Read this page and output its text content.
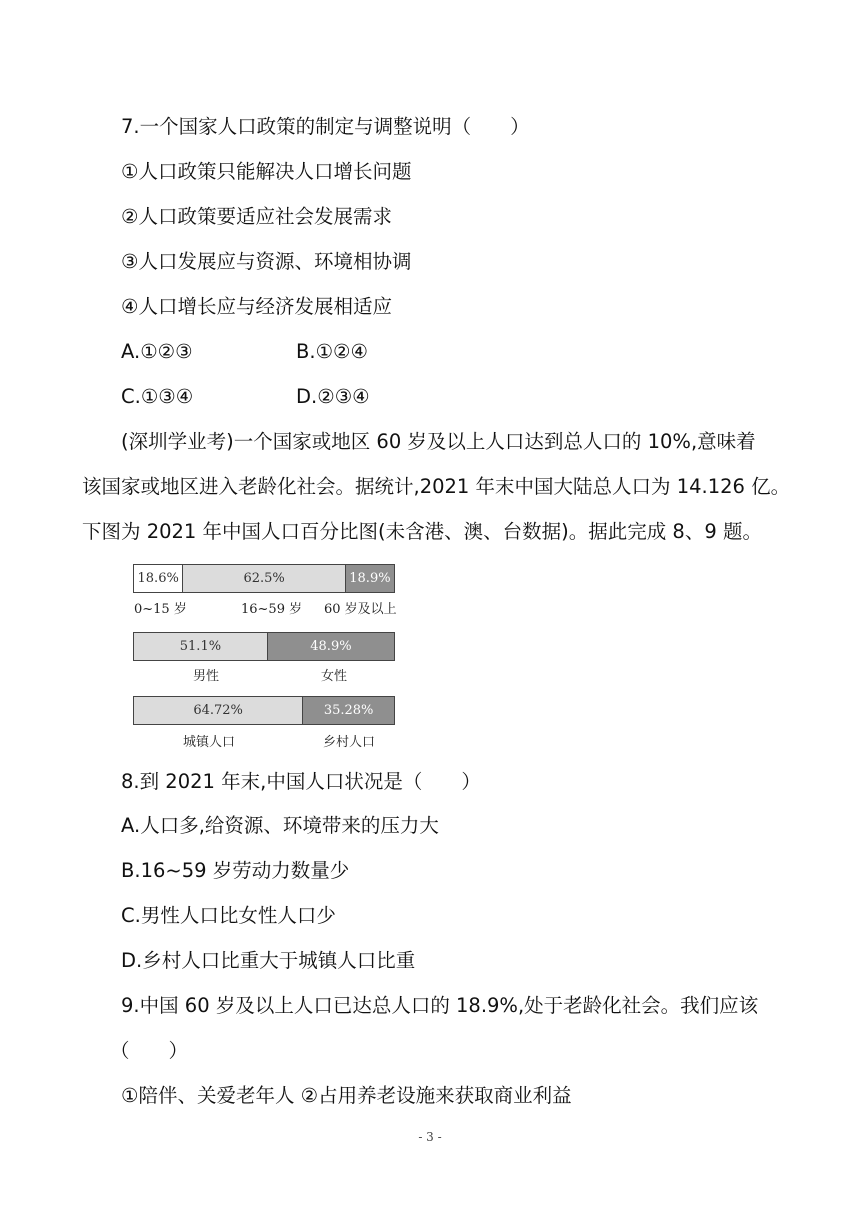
7.一个国家人口政策的制定与调整说明（　　）
①人口政策只能解决人口增长问题
②人口政策要适应社会发展需求
③人口发展应与资源、环境相协调
④人口增长应与经济发展相适应
A.①②③	B.①②④
C.①③④	D.②③④
(深圳学业考)一个国家或地区 60 岁及以上人口达到总人口的 10%,意味着
该国家或地区进入老龄化社会。据统计,2021 年末中国大陆总人口为 14.126 亿。
下图为 2021 年中国人口百分比图(未含港、澳、台数据)。据此完成 8、9 题。
18.6%	62.5%	18.9%
0~15 岁	16~59 岁 60 岁及以上
51.1%	48.9%
男性	女性
64.72%	35.28%
城镇人口	乡村人口
8.到 2021 年末,中国人口状况是（　　）
A.人口多,给资源、环境带来的压力大
B.16~59 岁劳动力数量少
C.男性人口比女性人口少
D.乡村人口比重大于城镇人口比重
9.中国 60 岁及以上人口已达总人口的 18.9%,处于老龄化社会。我们应该
（　　）
①陪伴、关爱老年人 ②占用养老设施来获取商业利益
- 3 -
